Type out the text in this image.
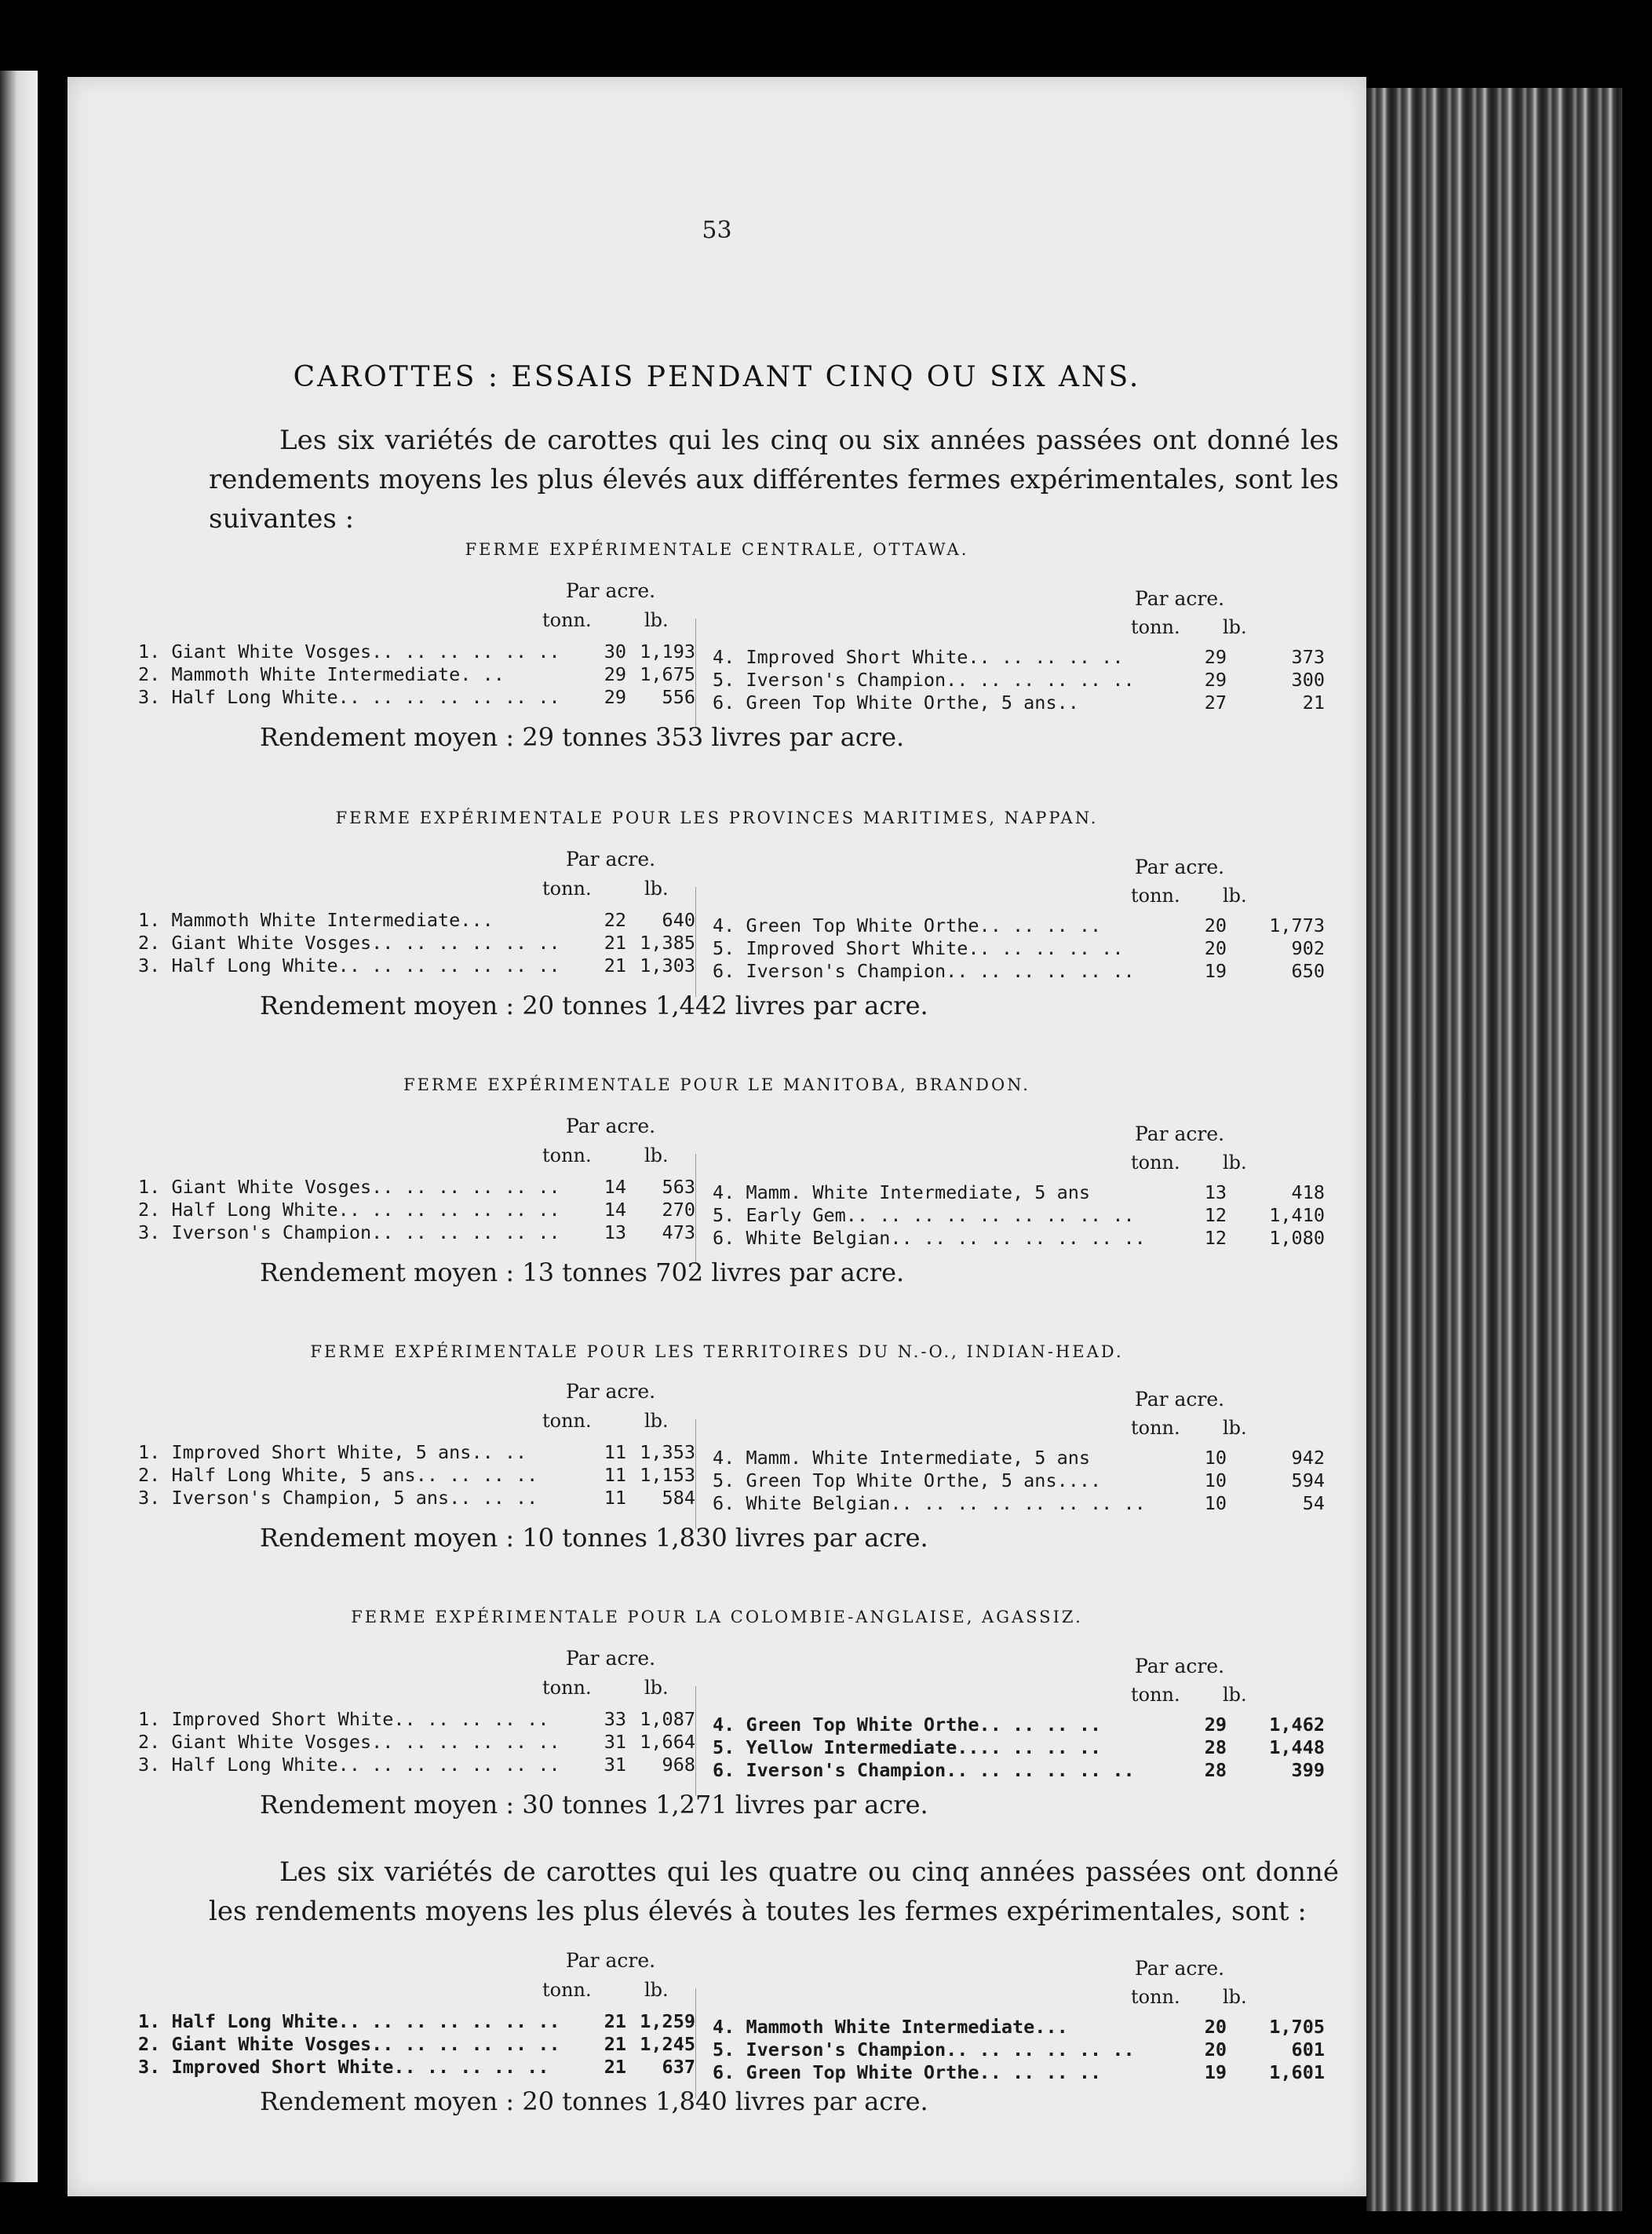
53
CAROTTES : ESSAIS PENDANT CINQ OU SIX ANS.
Les six variétés de carottes qui les cinq ou six années passées ont donné les rendements moyens les plus élevés aux différentes fermes expérimentales, sont les suivantes :
FERME EXPÉRIMENTALE CENTRALE, OTTAWA.
Par acre.	Par acre.
tonn.	lb.	tonn. lb.
1. Giant White Vosges.. .. .. .. .. ..	30 1,193
2. Mammoth White Intermediate. ..	29 1,675
3. Half Long White.. .. .. .. .. .. ..	29	556
4. Improved Short White.. .. .. .. ..	29	373
5. Iverson's Champion.. .. .. .. .. ..	29	300
6. Green Top White Orthe, 5 ans..	27	21
Rendement moyen : 29 tonnes 353 livres par acre.
FERME EXPÉRIMENTALE POUR LES PROVINCES MARITIMES, NAPPAN.
Par acre.	Par acre.
tonn.	lb.	tonn. lb.
1. Mammoth White Intermediate...	22	640
2. Giant White Vosges.. .. .. .. .. ..	21 1,385
3. Half Long White.. .. .. .. .. .. ..	21 1,303
4. Green Top White Orthe.. .. .. ..	20	1,773
5. Improved Short White.. .. .. .. ..	20	902
6. Iverson's Champion.. .. .. .. .. ..	19	650
Rendement moyen : 20 tonnes 1,442 livres par acre.
FERME EXPÉRIMENTALE POUR LE MANITOBA, BRANDON.
Par acre.	Par acre.
tonn.	lb.	tonn. lb.
1. Giant White Vosges.. .. .. .. .. ..	14	563
2. Half Long White.. .. .. .. .. .. ..	14	270
3. Iverson's Champion.. .. .. .. .. ..	13	473
4. Mamm. White Intermediate, 5 ans	13	418
5. Early Gem.. .. .. .. .. .. .. .. ..	12	1,410
6. White Belgian.. .. .. .. .. .. .. ..	12	1,080
Rendement moyen : 13 tonnes 702 livres par acre.
FERME EXPÉRIMENTALE POUR LES TERRITOIRES DU N.-O., INDIAN-HEAD.
Par acre.	Par acre.
tonn.	lb.	tonn. lb.
1. Improved Short White, 5 ans.. ..	11 1,353
2. Half Long White, 5 ans.. .. .. ..	11 1,153
3. Iverson's Champion, 5 ans.. .. ..	11	584
4. Mamm. White Intermediate, 5 ans	10	942
5. Green Top White Orthe, 5 ans....	10	594
6. White Belgian.. .. .. .. .. .. .. ..	10	54
Rendement moyen : 10 tonnes 1,830 livres par acre.
FERME EXPÉRIMENTALE POUR LA COLOMBIE-ANGLAISE, AGASSIZ.
Par acre.	Par acre.
tonn.	lb.	tonn. lb.
1. Improved Short White.. .. .. .. ..	33 1,087
2. Giant White Vosges.. .. .. .. .. ..	31 1,664
3. Half Long White.. .. .. .. .. .. ..	31	968
4. Green Top White Orthe.. .. .. ..	29	1,462
5. Yellow Intermediate.... .. .. ..	28	1,448
6. Iverson's Champion.. .. .. .. .. ..	28	399
Rendement moyen : 30 tonnes 1,271 livres par acre.
Les six variétés de carottes qui les quatre ou cinq années passées ont donné les rendements moyens les plus élevés à toutes les fermes expérimentales, sont :
Par acre.	Par acre.
tonn.	lb.	tonn. lb.
1. Half Long White.. .. .. .. .. .. ..	21 1,259
2. Giant White Vosges.. .. .. .. .. ..	21 1,245
3. Improved Short White.. .. .. .. ..	21	637
4. Mammoth White Intermediate...	20	1,705
5. Iverson's Champion.. .. .. .. .. ..	20	601
6. Green Top White Orthe.. .. .. ..	19	1,601
Rendement moyen : 20 tonnes 1,840 livres par acre.
